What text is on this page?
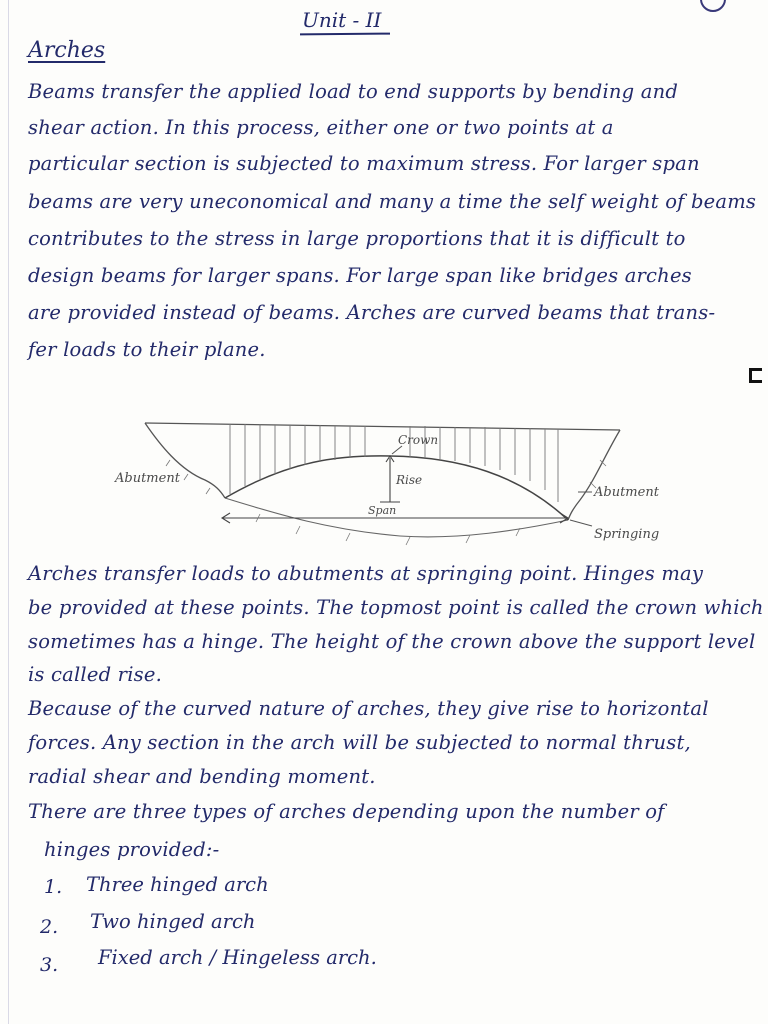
Unit - II
Arches
Beams transfer the applied load to end supports by bending and
shear action. In this process, either one or two points at a
particular section is subjected to maximum stress. For larger span
beams are very uneconomical and many a time the self weight of beams
contributes to the stress in large proportions that it is difficult to
design beams for larger spans. For large span like bridges arches
are provided instead of beams. Arches are curved beams that trans-
fer loads to their plane.
Crown
Rise
Span
Abutment
Abutment
Springing
Arches transfer loads to abutments at springing point. Hinges may
be provided at these points. The topmost point is called the crown which
sometimes has a hinge. The height of the crown above the support level
is called rise.
Because of the curved nature of arches, they give rise to horizontal
forces. Any section in the arch will be subjected to normal thrust,
radial shear and bending moment.
There are three types of arches depending upon the number of
hinges provided:-
1. Three hinged arch
2. Two hinged arch
3. Fixed arch / Hingeless arch.
